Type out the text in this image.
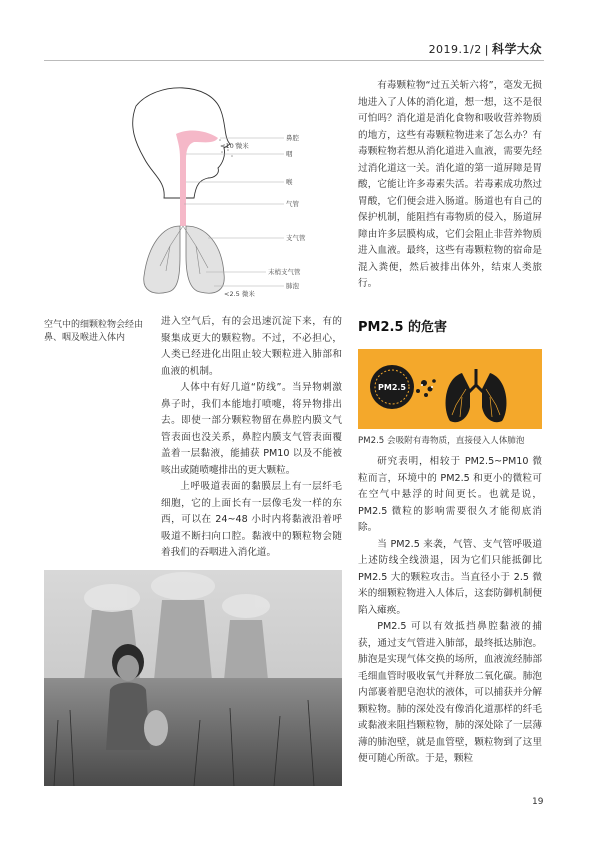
2019.1/2 | 科学大众
鼻腔
<10 微米
咽
喉
气管
支气管
末梢支气管
肺泡
<2.5 微米
空气中的细颗粒物会经由鼻、咽及喉进入体内

进入空气后，有的会迅速沉淀下来，有的聚集成更大的颗粒物。不过，不必担心，人类已经进化出阻止较大颗粒进入肺部和血液的机制。

人体中有好几道“防线”。当异物刺激鼻子时，我们本能地打喷嚏，将异物排出去。即使一部分颗粒物留在鼻腔内膜文气管表面也没关系，鼻腔内膜支气管表面覆盖着一层黏液，能捕获 PM10 以及不能被咳出或随喷嚏排出的更大颗粒。

上呼吸道表面的黏膜层上有一层纤毛细胞，它的上面长有一层像毛发一样的东西，可以在 24~48 小时内将黏液沿着呼吸道不断扫向口腔。黏液中的颗粒物会随着我们的吞咽进入消化道。

有毒颗粒物“过五关斩六将”，毫发无损地进入了人体的消化道，想一想，这不是很可怕吗？消化道是消化食物和吸收营养物质的地方，这些有毒颗粒物进来了怎么办？有毒颗粒物若想从消化道进入血液，需要先经过消化道这一关。消化道的第一道屏障是胃酸，它能让许多毒素失活。若毒素成功熬过胃酸，它们便会进入肠道。肠道也有自己的保护机制，能阻挡有毒物质的侵入，肠道屏障由许多层膜构成，它们会阻止非营养物质进入血液。最终，这些有毒颗粒物的宿命是混入粪便，然后被排出体外，结束人类旅行。

PM2.5 的危害
PM2.5
PM2.5 会吸附有毒物质，直接侵入人体肺泡

研究表明，相较于 PM2.5~PM10 微粒而言，环境中的 PM2.5 和更小的微粒可在空气中悬浮的时间更长。也就是说，PM2.5 微粒的影响需要很久才能彻底消除。

当 PM2.5 来袭，气管、支气管呼吸道上述防线全线溃退，因为它们只能抵御比 PM2.5 大的颗粒攻击。当直径小于 2.5 微米的细颗粒物进入人体后，这套防御机制便陷入瘫痪。

PM2.5 可以有效抵挡鼻腔黏液的捕获，通过支气管进入肺部，最终抵达肺泡。肺泡是实现气体交换的场所，血液流经肺部毛细血管时吸收氧气并释放二氧化碳。肺泡内部裹着肥皂泡状的液体，可以捕获并分解颗粒物。肺的深处没有像消化道那样的纤毛或黏液来阻挡颗粒物，肺的深处除了一层薄薄的肺泡壁，就是血管壁，颗粒物到了这里便可随心所欲。于是，颗粒

19
